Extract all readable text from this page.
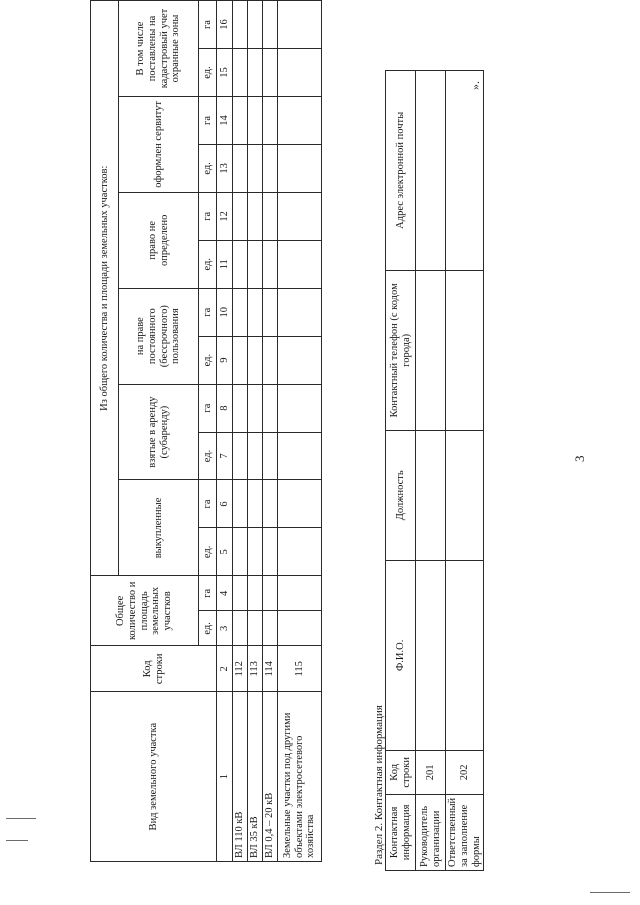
3
Вид земельного участка	Код строки	Общее количество и площадь земельных участков		Из общего количества и площади земельных участков:											
				выкупленные		взятые в аренду (субаренду)		на праве постоянного (бессрочного) пользования		право не определено		оформлен сервитут		В том числе поставлены на кадастровый учет охранные зоны	
		ед.	га	ед.	га	ед.	га	ед.	га	ед.	га	ед.	га	ед.	га
1	2	3	4	5	6	7	8	9	10	11	12	13	14	15	16
ВЛ 110 кВ	112														
ВЛ 35 кВ	113														
ВЛ 0,4 – 20 кВ	114														
Земельные участки под другими объектами электросетевого хозяйства	115														
Раздел 2. Контактная информация Контактная информация	Код строки	Ф.И.О.	Должность	Контактный телефон (с кодом города)	Адрес электронной почты
Руководитель организации	201				
Ответственный за заполнение формы	202				
».
